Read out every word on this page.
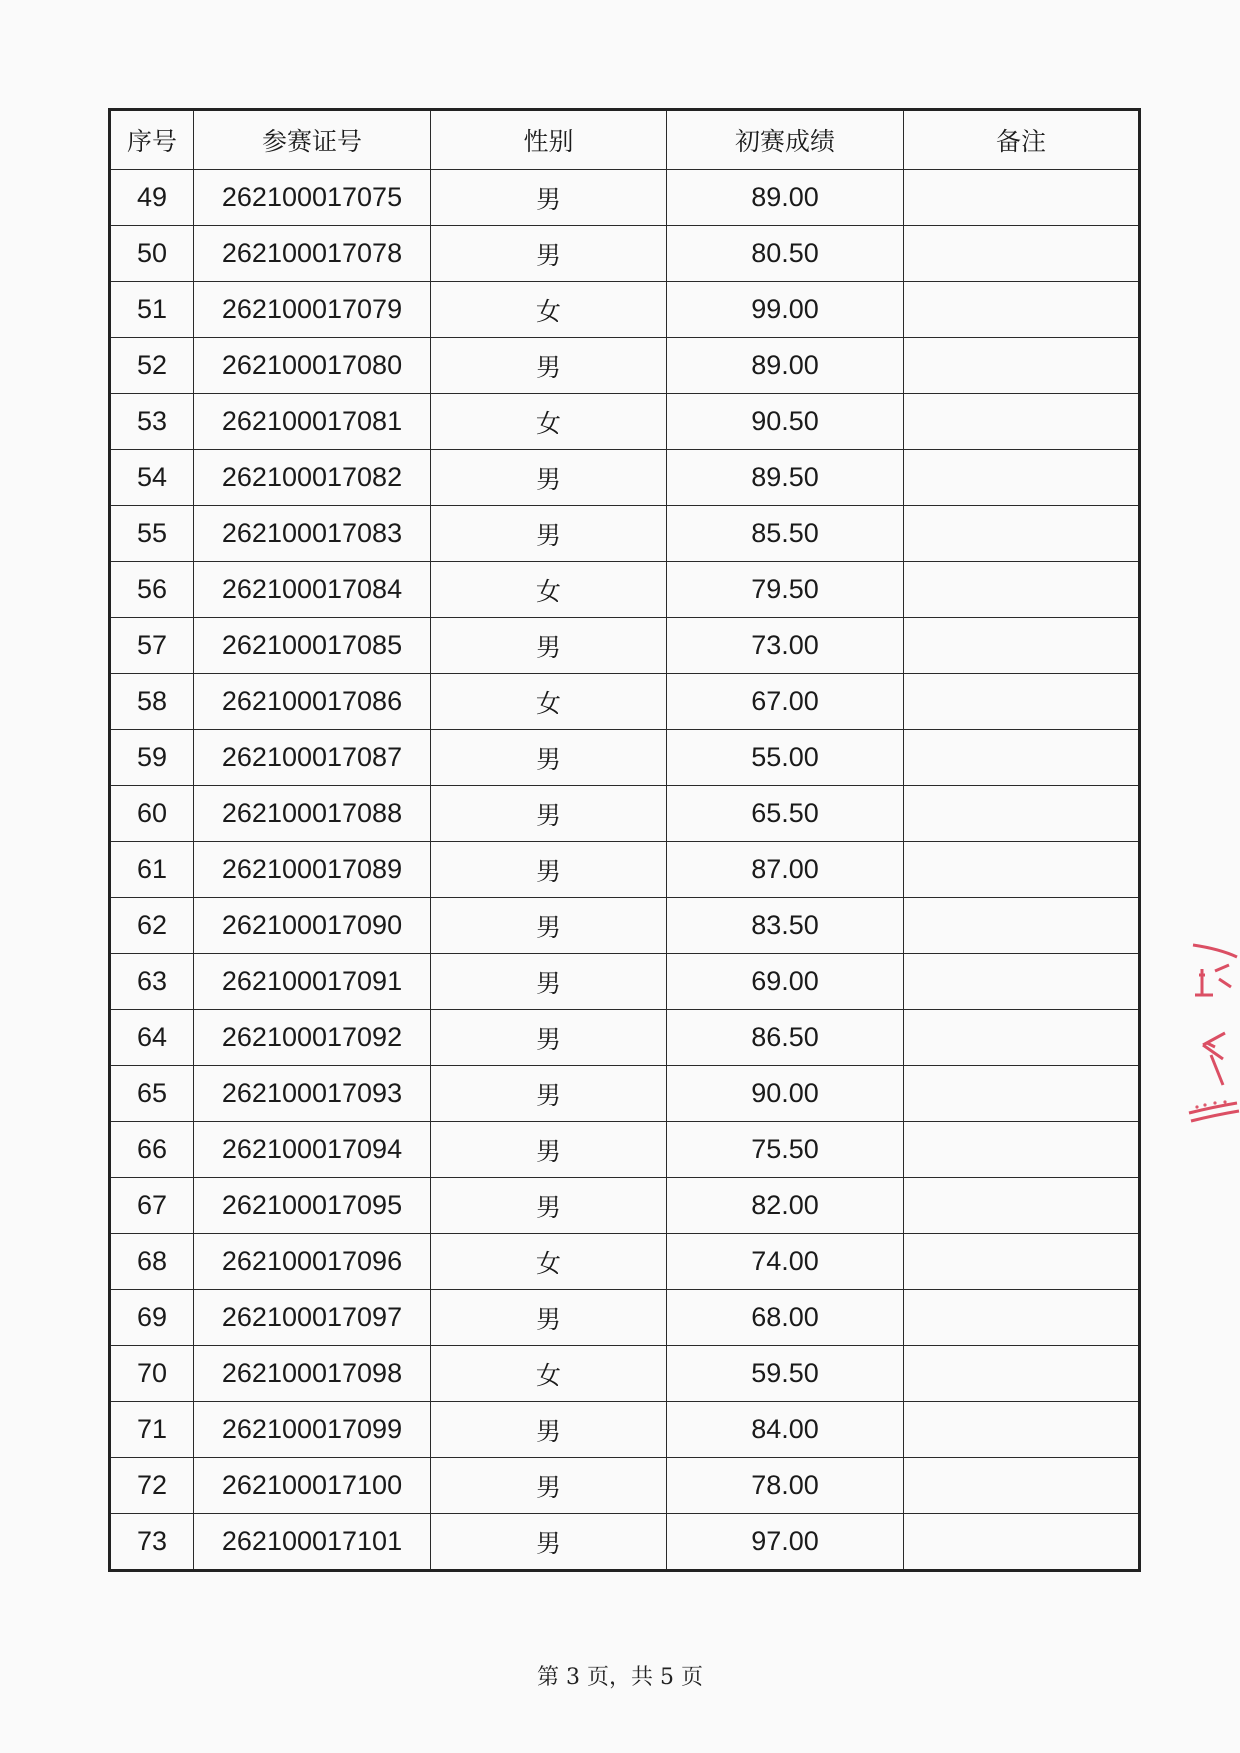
序号	参赛证号	性别	初赛成绩	备注
49	262100017075	男	89.00	
50	262100017078	男	80.50	
51	262100017079	女	99.00	
52	262100017080	男	89.00	
53	262100017081	女	90.50	
54	262100017082	男	89.50	
55	262100017083	男	85.50	
56	262100017084	女	79.50	
57	262100017085	男	73.00	
58	262100017086	女	67.00	
59	262100017087	男	55.00	
60	262100017088	男	65.50	
61	262100017089	男	87.00	
62	262100017090	男	83.50	
63	262100017091	男	69.00	
64	262100017092	男	86.50	
65	262100017093	男	90.00	
66	262100017094	男	75.50	
67	262100017095	男	82.00	
68	262100017096	女	74.00	
69	262100017097	男	68.00	
70	262100017098	女	59.50	
71	262100017099	男	84.00	
72	262100017100	男	78.00	
73	262100017101	男	97.00	
第 3 页，共 5 页
